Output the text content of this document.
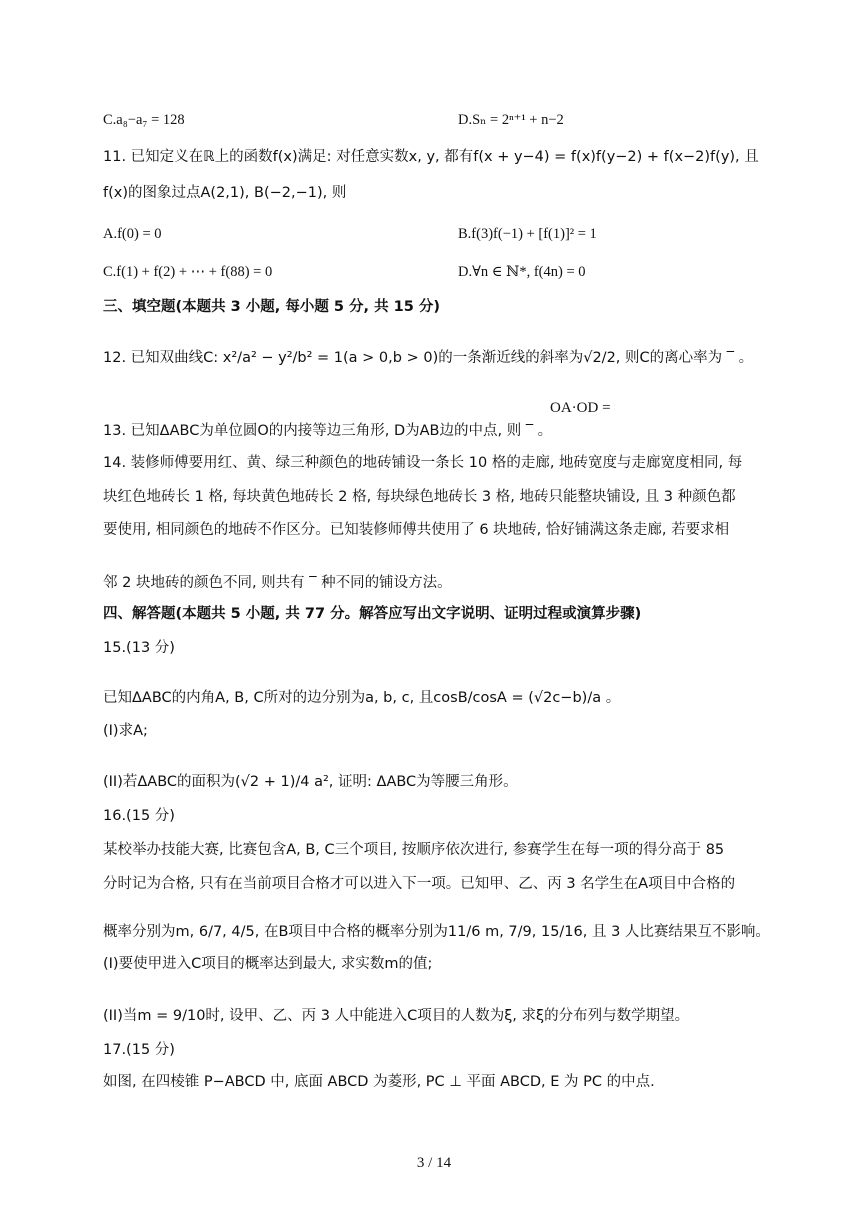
C.a₈−a₇ = 128	D.Sₙ = 2ⁿ⁺¹ + n−2
11. 已知定义在ℝ上的函数f(x)满足: 对任意实数x, y, 都有f(x + y−4) = f(x)f(y−2) + f(x−2)f(y), 且
f(x)的图象过点A(2,1), B(−2,−1), 则
A.f(0) = 0	B.f(3)f(−1) + [f(1)]² = 1
C.f(1) + f(2) + ⋯ + f(88) = 0	D.∀n ∈ ℕ*, f(4n) = 0
三、填空题(本题共 3 小题, 每小题 5 分, 共 15 分)
12. 已知双曲线C: x²/a² − y²/b² = 1(a > 0,b > 0)的一条渐近线的斜率为√2/2, 则C的离心率为 ‾ 。
OA·OD =
13. 已知ΔABC为单位圆O的内接等边三角形, D为AB边的中点, 则 ‾ 。
14. 装修师傅要用红、黄、绿三种颜色的地砖铺设一条长 10 格的走廊, 地砖宽度与走廊宽度相同, 每
块红色地砖长 1 格, 每块黄色地砖长 2 格, 每块绿色地砖长 3 格, 地砖只能整块铺设, 且 3 种颜色都
要使用, 相同颜色的地砖不作区分。已知装修师傅共使用了 6 块地砖, 恰好铺满这条走廊, 若要求相
邻 2 块地砖的颜色不同, 则共有 ‾ 种不同的铺设方法。
四、解答题(本题共 5 小题, 共 77 分。解答应写出文字说明、证明过程或演算步骤)
15.(13 分)
已知ΔABC的内角A, B, C所对的边分别为a, b, c, 且cosB/cosA = (√2c−b)/a 。
(I)求A;
(II)若ΔABC的面积为(√2 + 1)/4 a², 证明: ΔABC为等腰三角形。
16.(15 分)
某校举办技能大赛, 比赛包含A, B, C三个项目, 按顺序依次进行, 参赛学生在每一项的得分高于 85
分时记为合格, 只有在当前项目合格才可以进入下一项。已知甲、乙、丙 3 名学生在A项目中合格的
概率分别为m, 6/7, 4/5, 在B项目中合格的概率分别为11/6 m, 7/9, 15/16, 且 3 人比赛结果互不影响。
(I)要使甲进入C项目的概率达到最大, 求实数m的值;
(II)当m = 9/10时, 设甲、乙、丙 3 人中能进入C项目的人数为ξ, 求ξ的分布列与数学期望。
17.(15 分)
如图, 在四棱锥 P−ABCD 中, 底面 ABCD 为菱形, PC ⊥ 平面 ABCD, E 为 PC 的中点.
3 / 14
